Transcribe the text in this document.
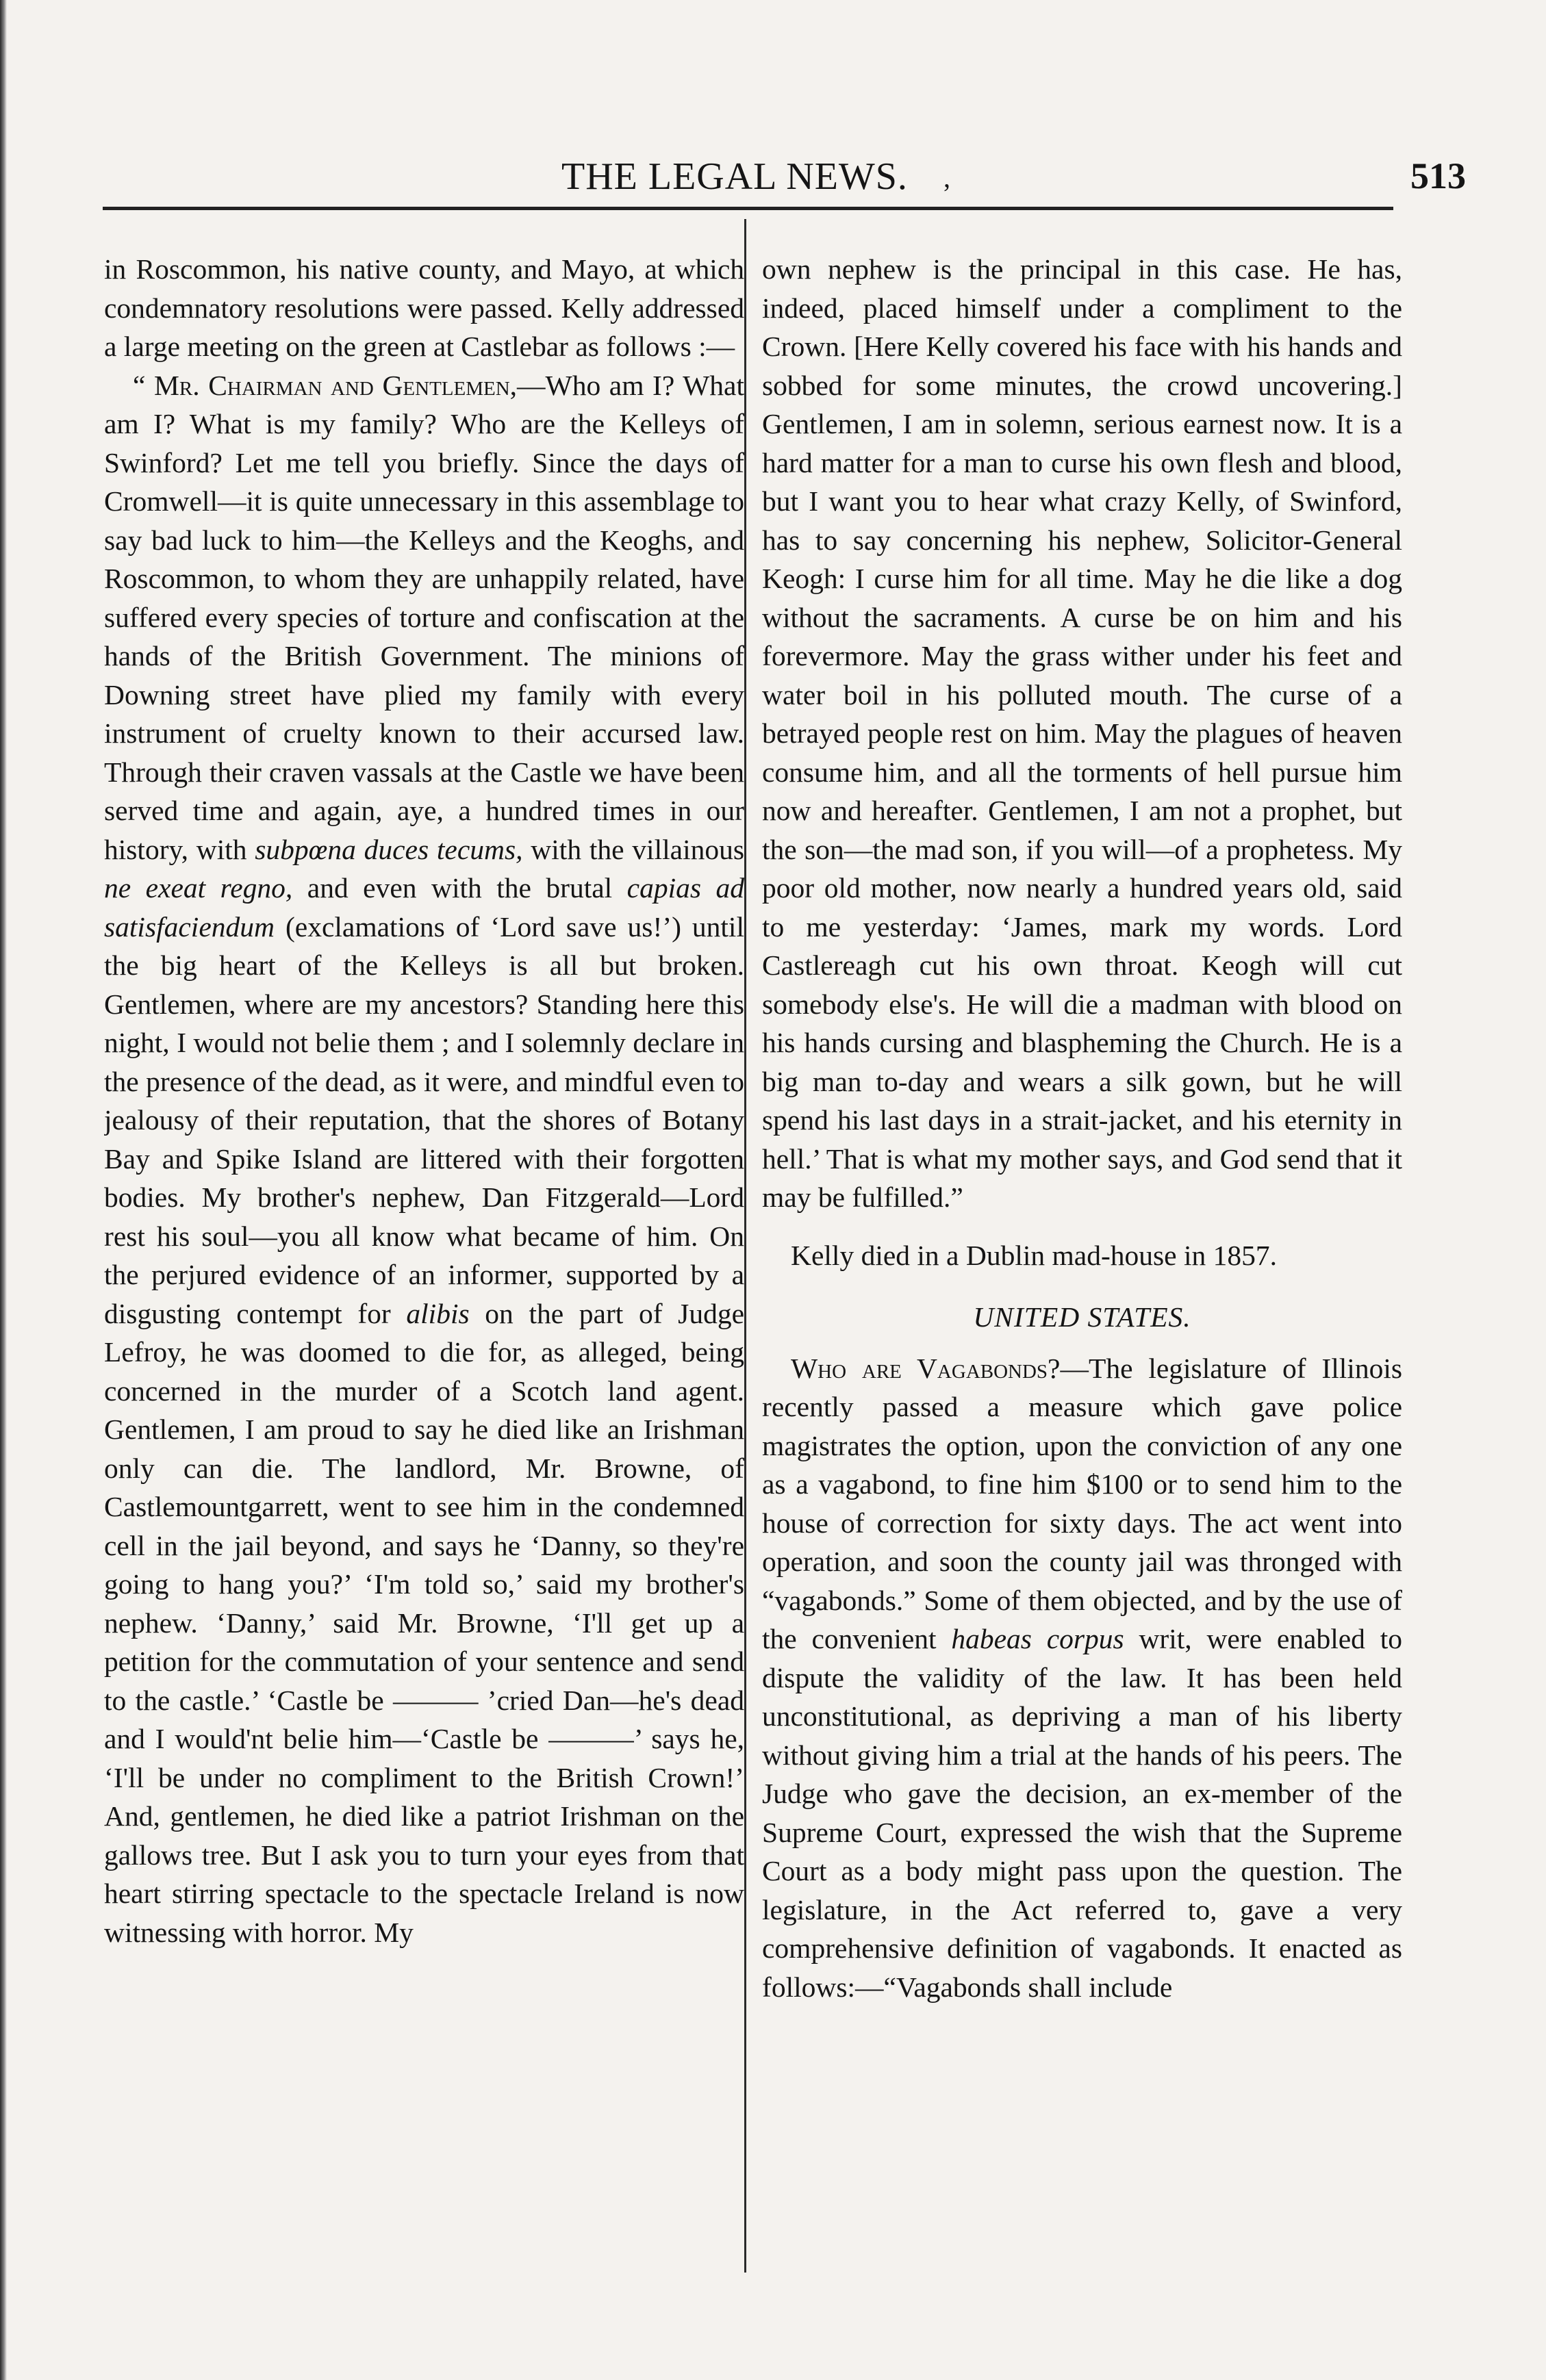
THE LEGAL NEWS. ,	513

in Roscommon, his native county, and Mayo, at which condemnatory resolutions were passed. Kelly addressed a large meeting on the green at Castlebar as follows :—

“ Mr. Chairman and Gentlemen,—Who am I? What am I? What is my family? Who are the Kelleys of Swinford? Let me tell you briefly. Since the days of Cromwell—it is quite unnecessary in this assemblage to say bad luck to him—the Kelleys and the Keoghs, and Roscommon, to whom they are unhappily related, have suffered every species of torture and confiscation at the hands of the British Government. The minions of Downing street have plied my family with every instrument of cruelty known to their accursed law. Through their craven vassals at the Castle we have been served time and again, aye, a hundred times in our history, with subpœna duces tecums, with the villainous ne exeat regno, and even with the brutal capias ad satisfaciendum (exclamations of ‘Lord save us!’) until the big heart of the Kelleys is all but broken. Gentlemen, where are my ancestors? Standing here this night, I would not belie them ; and I solemnly declare in the presence of the dead, as it were, and mindful even to jealousy of their reputation, that the shores of Botany Bay and Spike Island are littered with their forgotten bodies. My brother's nephew, Dan Fitzgerald—Lord rest his soul—you all know what became of him. On the perjured evidence of an informer, supported by a disgusting contempt for alibis on the part of Judge Lefroy, he was doomed to die for, as alleged, being concerned in the murder of a Scotch land agent. Gentlemen, I am proud to say he died like an Irishman only can die. The landlord, Mr. Browne, of Castlemountgarrett, went to see him in the condemned cell in the jail beyond, and says he ‘Danny, so they're going to hang you?’ ‘I'm told so,’ said my brother's nephew. ‘Danny,’ said Mr. Browne, ‘I'll get up a petition for the commutation of your sentence and send to the castle.’ ‘Castle be ——— ’cried Dan—he's dead and I would'nt belie him—‘Castle be ———’ says he, ‘I'll be under no compliment to the British Crown!’ And, gentlemen, he died like a patriot Irishman on the gallows tree. But I ask you to turn your eyes from that heart stirring spectacle to the spectacle Ireland is now witnessing with horror. My

own nephew is the principal in this case. He has, indeed, placed himself under a compliment to the Crown. [Here Kelly covered his face with his hands and sobbed for some minutes, the crowd uncovering.] Gentlemen, I am in solemn, serious earnest now. It is a hard matter for a man to curse his own flesh and blood, but I want you to hear what crazy Kelly, of Swinford, has to say concerning his nephew, Solicitor-General Keogh: I curse him for all time. May he die like a dog without the sacraments. A curse be on him and his forevermore. May the grass wither under his feet and water boil in his polluted mouth. The curse of a betrayed people rest on him. May the plagues of heaven consume him, and all the torments of hell pursue him now and hereafter. Gentlemen, I am not a prophet, but the son—the mad son, if you will—of a prophetess. My poor old mother, now nearly a hundred years old, said to me yesterday: ‘James, mark my words. Lord Castlereagh cut his own throat. Keogh will cut somebody else's. He will die a madman with blood on his hands cursing and blaspheming the Church. He is a big man to-day and wears a silk gown, but he will spend his last days in a strait-jacket, and his eternity in hell.’ That is what my mother says, and God send that it may be fulfilled.”

Kelly died in a Dublin mad-house in 1857.

UNITED STATES.

Who are Vagabonds?—The legislature of Illinois recently passed a measure which gave police magistrates the option, upon the conviction of any one as a vagabond, to fine him $100 or to send him to the house of correction for sixty days. The act went into operation, and soon the county jail was thronged with “vagabonds.” Some of them objected, and by the use of the convenient habeas corpus writ, were enabled to dispute the validity of the law. It has been held unconstitutional, as depriving a man of his liberty without giving him a trial at the hands of his peers. The Judge who gave the decision, an ex-member of the Supreme Court, expressed the wish that the Supreme Court as a body might pass upon the question. The legislature, in the Act referred to, gave a very comprehensive definition of vagabonds. It enacted as follows:—“Vagabonds shall include
